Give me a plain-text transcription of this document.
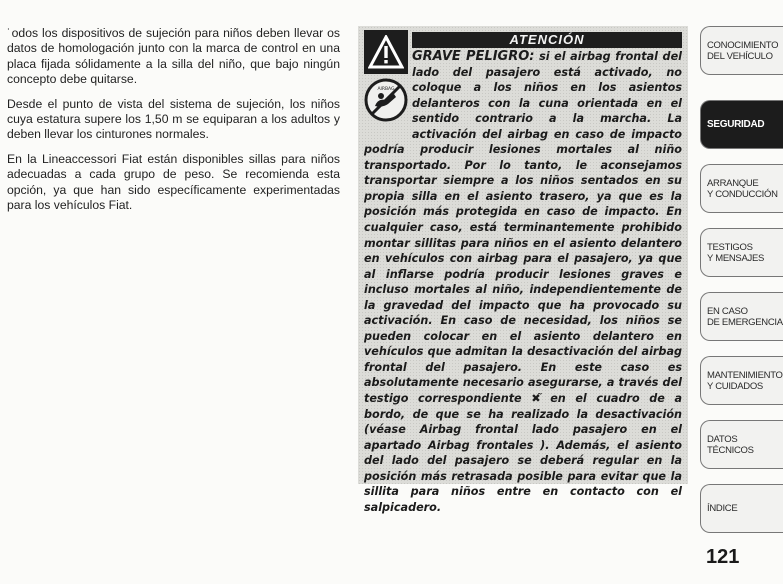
˙odos los dispositivos de sujeción para niños deben llevar os datos de homologación junto con la marca de control en una placa fijada sólidamente a la silla del niño, que bajo ningún concepto debe quitarse.

Desde el punto de vista del sistema de sujeción, los niños cuya estatura supere los 1,50 m se equiparan a los adultos y deben llevar los cinturones normales.

En la Lineaccessori Fiat están disponibles sillas para niños adecuadas a cada grupo de peso. Se recomienda esta opción, ya que han sido específicamente experimentadas para los vehículos Fiat.

AIRBAG
ATENCIÓN

GRAVE PELIGRO: si el airbag frontal del lado del pasajero está activado, no coloque a los niños en los asientos delanteros con la cuna orientada en el sentido contrario a la marcha. La activación del airbag en caso de impacto podría producir lesiones mortales al niño transportado. Por lo tanto, le aconsejamos transportar siempre a los niños sentados en su propia silla en el asiento trasero, ya que es la posición más protegida en caso de impacto. En cualquier caso, está terminantemente prohibido montar sillitas para niños en el asiento delantero en vehículos con airbag para el pasajero, ya que al inflarse podría producir lesiones graves e incluso mortales al niño, independientemente de la gravedad del impacto que ha provocado su activación. En caso de necesidad, los niños se pueden colocar en el asiento delantero en vehículos que admitan la desactivación del airbag frontal del pasajero. En este caso es absolutamente necesario asegurarse, a través del testigo correspondiente ✖̃ en el cuadro de a bordo, de que se ha realizado la desactivación (véase Airbag frontal lado pasajero en el apartado Airbag frontales ). Además, el asiento del lado del pasajero se deberá regular en la posición más retrasada posible para evitar que la sillita para niños entre en contacto con el salpicadero.

CONOCIMIENTO
DEL VEHÍCULO
SEGURIDAD
ARRANQUE
Y CONDUCCIÓN
TESTIGOS
Y MENSAJES
EN CASO
DE EMERGENCIA
MANTENIMIENTO
Y CUIDADOS
DATOS TÉCNICOS
ÍNDICE
121
